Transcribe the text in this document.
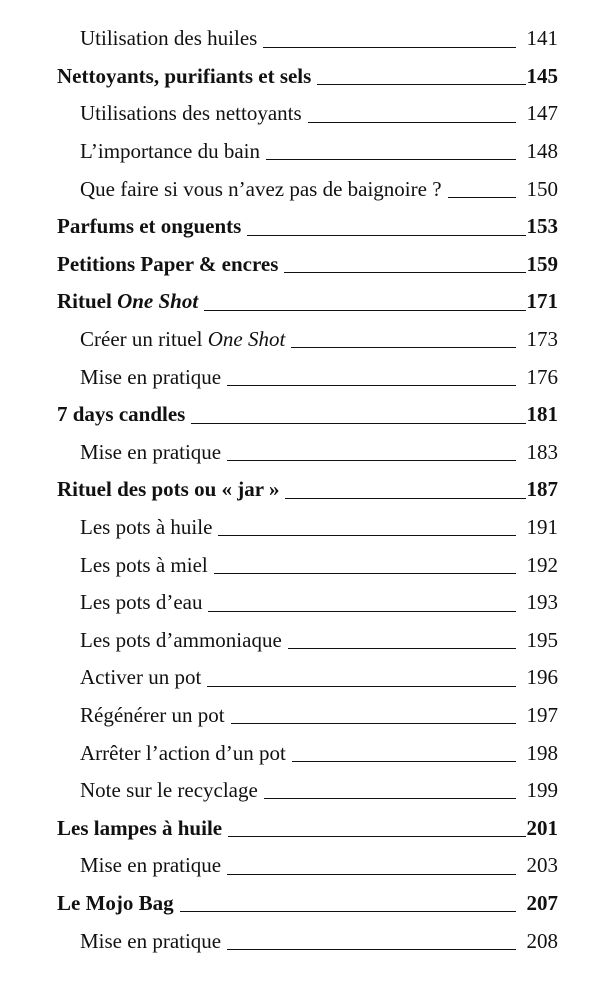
Utilisation des huiles	141
Nettoyants, purifiants et sels	145
Utilisations des nettoyants	147
L’importance du bain	148
Que faire si vous n’avez pas de baignoire ?	150
Parfums et onguents	153
Petitions Paper & encres	159
Rituel One Shot	171
Créer un rituel One Shot	173
Mise en pratique	176
7 days candles	181
Mise en pratique	183
Rituel des pots ou « jar »	187
Les pots à huile	191
Les pots à miel	192
Les pots d’eau	193
Les pots d’ammoniaque	195
Activer un pot	196
Régénérer un pot	197
Arrêter l’action d’un pot	198
Note sur le recyclage	199
Les lampes à huile	201
Mise en pratique	203
Le Mojo Bag	207
Mise en pratique	208
